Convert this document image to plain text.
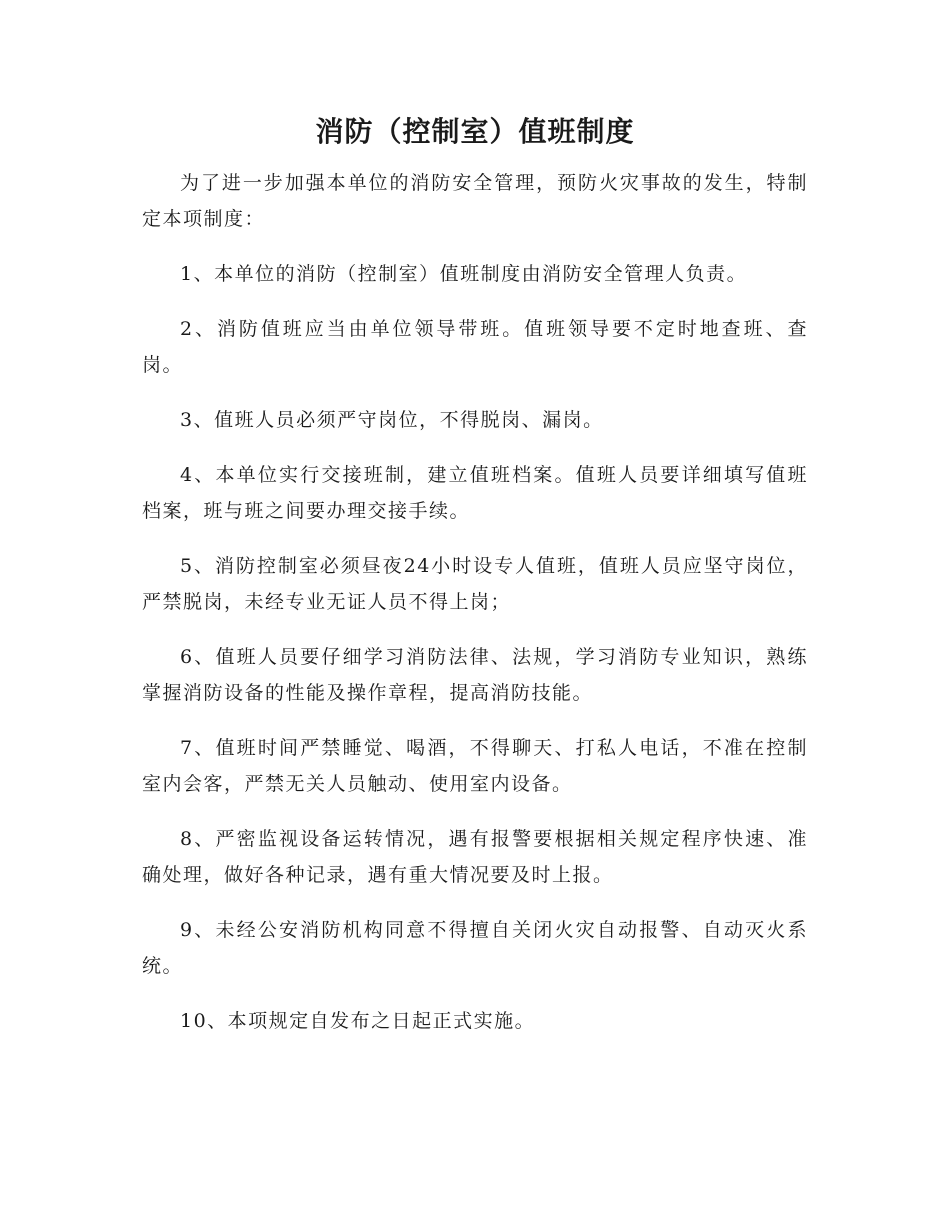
消防（控制室）值班制度

为了进一步加强本单位的消防安全管理，预防火灾事故的发生，特制定本项制度：

1、本单位的消防（控制室）值班制度由消防安全管理人负责。

2、消防值班应当由单位领导带班。值班领导要不定时地查班、查岗。

3、值班人员必须严守岗位，不得脱岗、漏岗。

4、本单位实行交接班制，建立值班档案。值班人员要详细填写值班档案，班与班之间要办理交接手续。

5、消防控制室必须昼夜24小时设专人值班，值班人员应坚守岗位，严禁脱岗，未经专业无证人员不得上岗；

6、值班人员要仔细学习消防法律、法规，学习消防专业知识，熟练掌握消防设备的性能及操作章程，提高消防技能。

7、值班时间严禁睡觉、喝酒，不得聊天、打私人电话，不准在控制室内会客，严禁无关人员触动、使用室内设备。

8、严密监视设备运转情况，遇有报警要根据相关规定程序快速、准确处理，做好各种记录，遇有重大情况要及时上报。

9、未经公安消防机构同意不得擅自关闭火灾自动报警、自动灭火系统。

10、本项规定自发布之日起正式实施。
